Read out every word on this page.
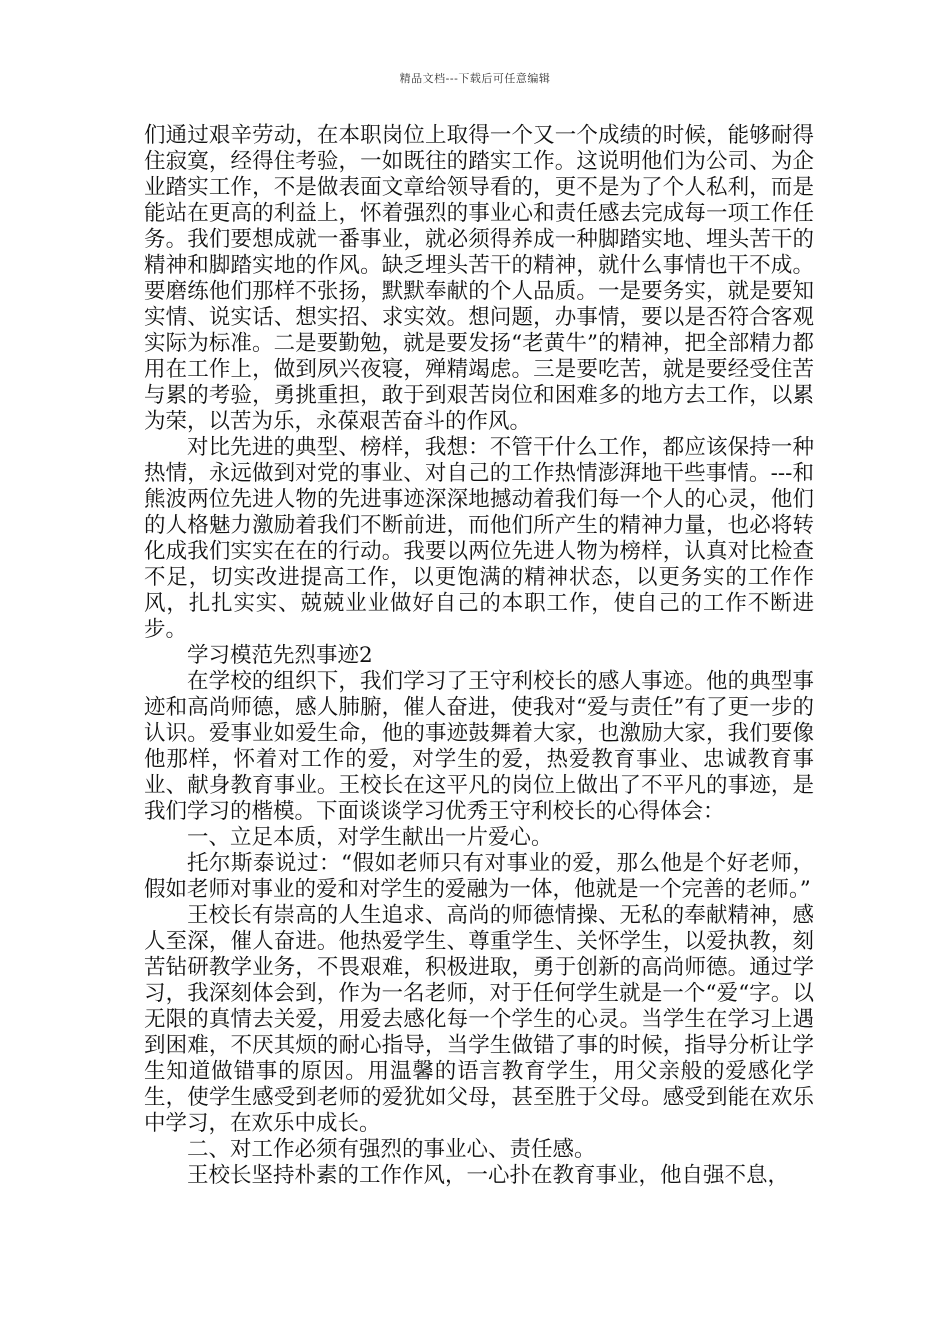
精品文档---下载后可任意编辑

们通过艰辛劳动，在本职岗位上取得一个又一个成绩的时候，能够耐得住寂寞，经得住考验，一如既往的踏实工作。这说明他们为公司、为企业踏实工作，不是做表面文章给领导看的，更不是为了个人私利，而是能站在更高的利益上，怀着强烈的事业心和责任感去完成每一项工作任务。我们要想成就一番事业，就必须得养成一种脚踏实地、埋头苦干的精神和脚踏实地的作风。缺乏埋头苦干的精神，就什么事情也干不成。要磨练他们那样不张扬，默默奉献的个人品质。一是要务实，就是要知实情、说实话、想实招、求实效。想问题，办事情，要以是否符合客观实际为标准。二是要勤勉，就是要发扬“老黄牛”的精神，把全部精力都用在工作上，做到夙兴夜寝，殚精竭虑。三是要吃苦，就是要经受住苦与累的考验，勇挑重担，敢于到艰苦岗位和困难多的地方去工作，以累为荣，以苦为乐，永葆艰苦奋斗的作风。

对比先进的典型、榜样，我想：不管干什么工作，都应该保持一种热情，永远做到对党的事业、对自己的工作热情澎湃地干些事情。---和熊波两位先进人物的先进事迹深深地撼动着我们每一个人的心灵，他们的人格魅力激励着我们不断前进，而他们所产生的精神力量，也必将转化成我们实实在在的行动。我要以两位先进人物为榜样，认真对比检查不足，切实改进提高工作，以更饱满的精神状态，以更务实的工作作风，扎扎实实、兢兢业业做好自己的本职工作，使自己的工作不断进步。

学习模范先烈事迹2

在学校的组织下，我们学习了王守利校长的感人事迹。他的典型事迹和高尚师德，感人肺腑，催人奋进，使我对“爱与责任”有了更一步的认识。爱事业如爱生命，他的事迹鼓舞着大家，也激励大家，我们要像他那样，怀着对工作的爱，对学生的爱，热爱教育事业、忠诚教育事业、献身教育事业。王校长在这平凡的岗位上做出了不平凡的事迹，是我们学习的楷模。下面谈谈学习优秀王守利校长的心得体会：

一、立足本质，对学生献出一片爱心。

托尔斯泰说过：“假如老师只有对事业的爱，那么他是个好老师，假如老师对事业的爱和对学生的爱融为一体，他就是一个完善的老师。”

王校长有崇高的人生追求、高尚的师德情操、无私的奉献精神，感人至深，催人奋进。他热爱学生、尊重学生、关怀学生，以爱执教，刻苦钻研教学业务，不畏艰难，积极进取，勇于创新的高尚师德。通过学习，我深刻体会到，作为一名老师，对于任何学生就是一个“爱“字。以无限的真情去关爱，用爱去感化每一个学生的心灵。当学生在学习上遇到困难，不厌其烦的耐心指导，当学生做错了事的时候，指导分析让学生知道做错事的原因。用温馨的语言教育学生，用父亲般的爱感化学生，使学生感受到老师的爱犹如父母，甚至胜于父母。感受到能在欢乐中学习，在欢乐中成长。

二、对工作必须有强烈的事业心、责任感。

王校长坚持朴素的工作作风，一心扑在教育事业，他自强不息，
